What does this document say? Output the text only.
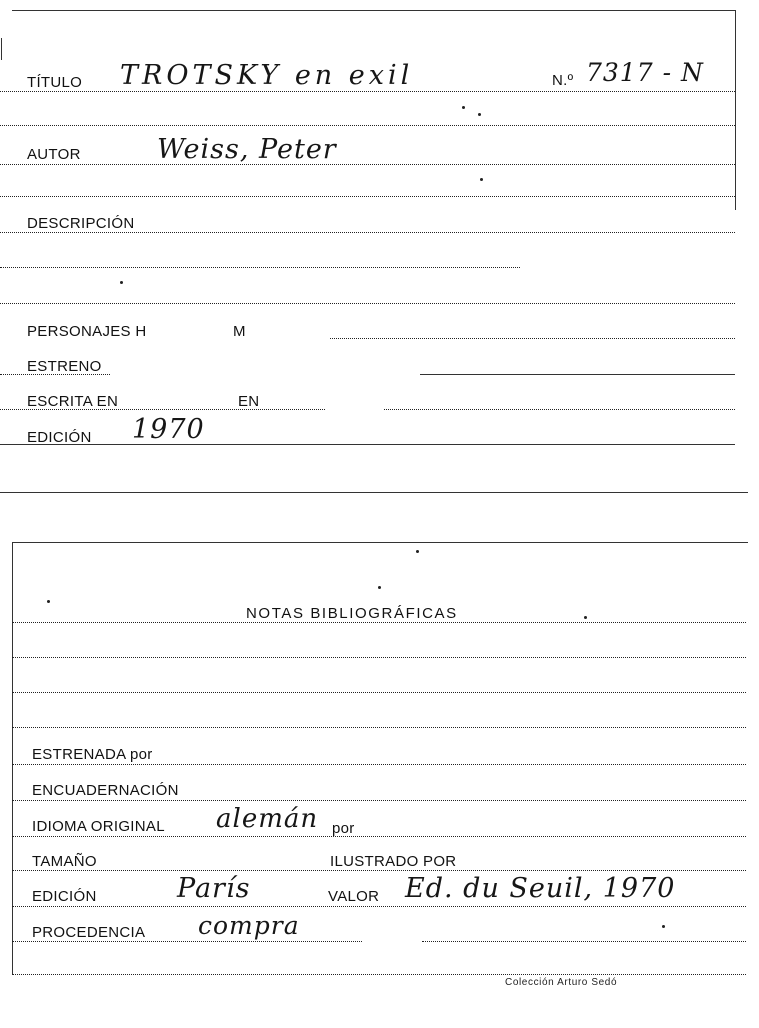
TÍTULO TROTSKY en exil	N.º 7317 - N
AUTOR	Weiss, Peter
DESCRIPCIÓN
PERSONAJES H	M
ESTRENO
ESCRITA EN	EN
EDICIÓN 1970
NOTAS BIBLIOGRÁFICAS
ESTRENADA por
ENCUADERNACIÓN
IDIOMA ORIGINAL alemán por
TAMAÑO	ILUSTRADO POR
EDICIÓN	París	VALOR Ed. du Seuil, 1970
PROCEDENCIA compra
Colección Arturo Sedó
